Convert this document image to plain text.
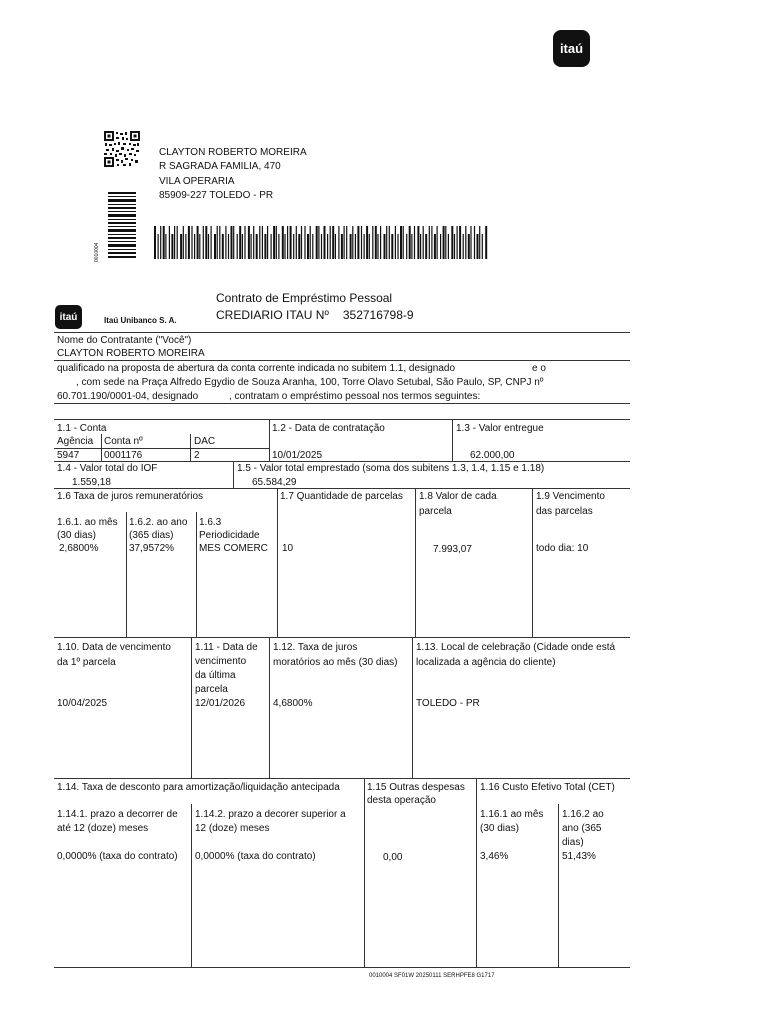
itaú
0010004
CLAYTON ROBERTO MOREIRA
R SAGRADA FAMILIA, 470
VILA OPERARIA
85909-227 TOLEDO - PR
itaú	Itaú Unibanco S. A.
Contrato de Empréstimo Pessoal
CREDIARIO ITAU Nº 352716798-9
Nome do Contratante ("Você")
CLAYTON ROBERTO MOREIRA
qualificado na proposta de abertura da conta corrente indicada no subitem 1.1, designado	e o
, com sede na Praça Alfredo Egydio de Souza Aranha, 100, Torre Olavo Setubal, São Paulo, SP, CNPJ nº
60.701.190/0001-04, designado	, contratam o empréstimo pessoal nos termos seguintes:
1.1 - Conta
Agência
5947
Conta nº
0001176
DAC
2
1.2 - Data de contratação
10/01/2025
1.3 - Valor entregue
62.000,00
1.4 - Valor total do IOF
1.559,18
1.5 - Valor total emprestado (soma dos subitens 1.3, 1.4, 1.15 e 1.18)
65.584,29
1.6 Taxa de juros remuneratórios
1.6.1. ao mês
(30 dias)
2,6800%
1.6.2. ao ano
(365 dias)
37,9572%
1.6.3
Periodicidade
MES COMERC
1.7 Quantidade de parcelas
10
1.8 Valor de cada
parcela
7.993,07
1.9 Vencimento
das parcelas
todo dia: 10
1.10. Data de vencimento
da 1º parcela
10/04/2025
1.11 - Data de
vencimento
da última
parcela
12/01/2026
1.12. Taxa de juros
moratórios ao mês (30 dias)
4,6800%
1.13. Local de celebração (Cidade onde está
localizada a agência do cliente)
TOLEDO - PR
1.14. Taxa de desconto para amortização/liquidação antecipada
1.14.1. prazo a decorrer de
até 12 (doze) meses
0,0000% (taxa do contrato)
1.14.2. prazo a decorer superior a
12 (doze) meses
0,0000% (taxa do contrato)
1.15 Outras despesas
desta operação
0,00
1.16 Custo Efetivo Total (CET)
1.16.1 ao mês
(30 dias)
3,46%
1.16.2 ao
ano (365
dias)
51,43%
0010004 SF01W 20250111 SERHPFE8 G1717
